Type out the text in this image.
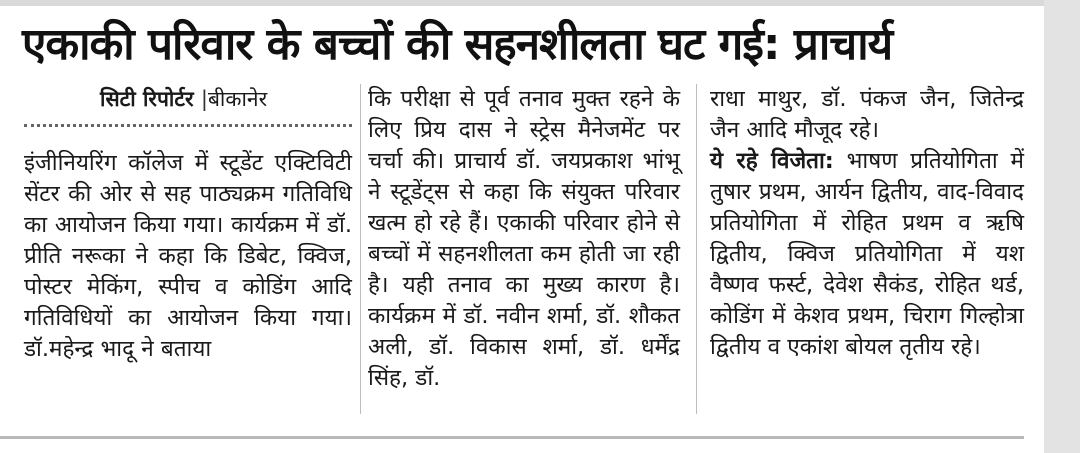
एकाकी परिवार के बच्चों की सहनशीलता घट गई: प्राचार्य
सिटी रिपोर्टर |बीकानेर

इंजीनियरिंग कॉलेज में स्टूडेंट एक्टिविटी सेंटर की ओर से सह पाठ्यक्रम गतिविधि का आयोजन किया गया। कार्यक्रम में डॉ. प्रीति नरूका ने कहा कि डिबेट, क्विज, पोस्टर मेकिंग, स्पीच व कोडिंग आदि गतिविधियों का आयोजन किया गया। डॉ.महेन्द्र भादू ने बताया

कि परीक्षा से पूर्व तनाव मुक्त रहने के लिए प्रिय दास ने स्ट्रेस मैनेजमेंट पर चर्चा की। प्राचार्य डॉ. जयप्रकाश भांभू ने स्टूडेंट्स से कहा कि संयुक्त परिवार खत्म हो रहे हैं। एकाकी परिवार होने से बच्चों में सहनशीलता कम होती जा रही है। यही तनाव का मुख्य कारण है। कार्यक्रम में डॉ. नवीन शर्मा, डॉ. शौकत अली, डॉ. विकास शर्मा, डॉ. धर्मेंद्र सिंह, डॉ.

राधा माथुर, डॉ. पंकज जैन, जितेन्द्र जैन आदि मौजूद रहे।

ये रहे विजेता: भाषण प्रतियोगिता में तुषार प्रथम, आर्यन द्वितीय, वाद-विवाद प्रतियोगिता में रोहित प्रथम व ऋषि द्वितीय, क्विज प्रतियोगिता में यश वैष्णव फर्स्ट, देवेश सैकंड, रोहित थर्ड, कोडिंग में केशव प्रथम, चिराग गिल्होत्रा द्वितीय व एकांश बोयल तृतीय रहे।
